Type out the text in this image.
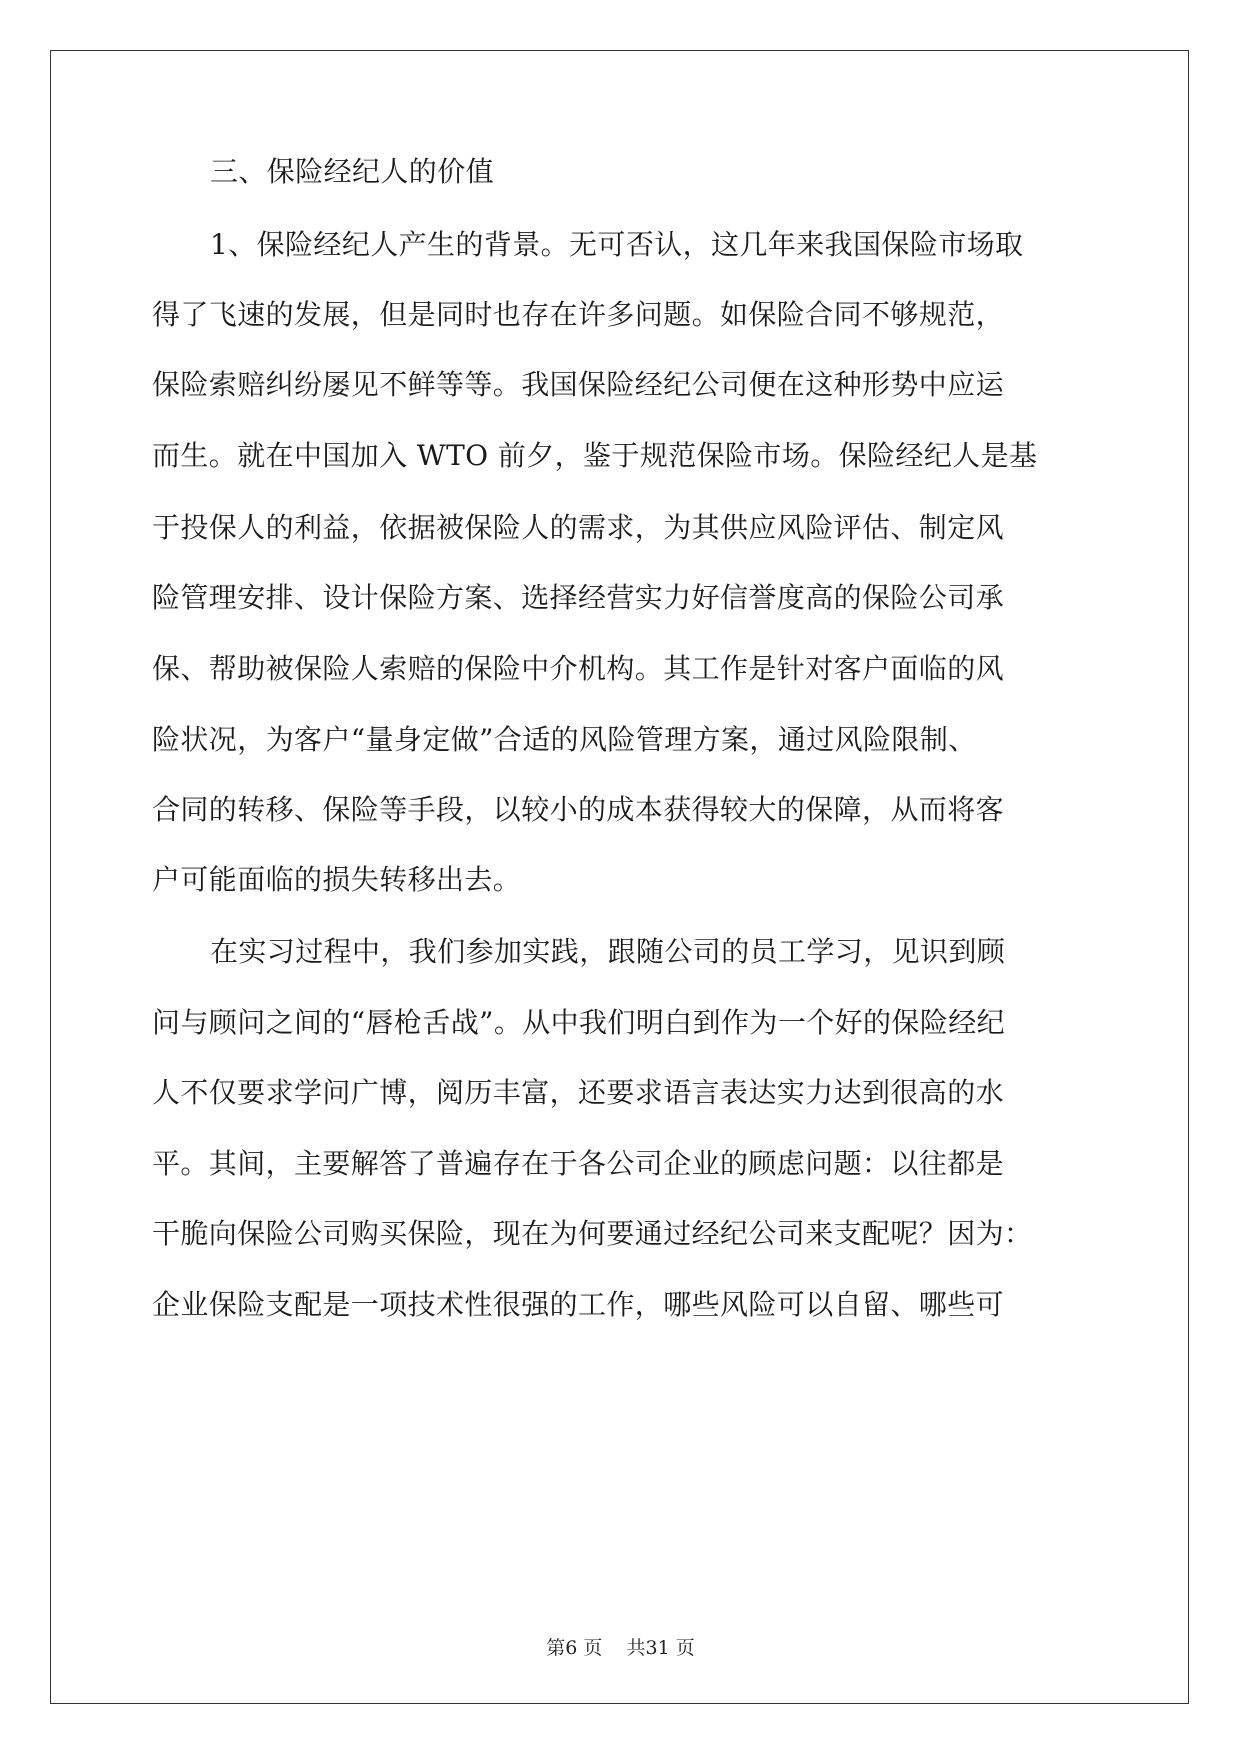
三、保险经纪人的价值
1、保险经纪人产生的背景。无可否认，这几年来我国保险市场取
得了飞速的发展，但是同时也存在许多问题。如保险合同不够规范，
保险索赔纠纷屡见不鲜等等。我国保险经纪公司便在这种形势中应运
而生。就在中国加入 WTO 前夕，鉴于规范保险市场。保险经纪人是基
于投保人的利益，依据被保险人的需求，为其供应风险评估、制定风
险管理安排、设计保险方案、选择经营实力好信誉度高的保险公司承
保、帮助被保险人索赔的保险中介机构。其工作是针对客户面临的风
险状况，为客户“量身定做”合适的风险管理方案，通过风险限制、
合同的转移、保险等手段，以较小的成本获得较大的保障，从而将客
户可能面临的损失转移出去。
在实习过程中，我们参加实践，跟随公司的员工学习，见识到顾
问与顾问之间的“唇枪舌战”。从中我们明白到作为一个好的保险经纪
人不仅要求学问广博，阅历丰富，还要求语言表达实力达到很高的水
平。其间，主要解答了普遍存在于各公司企业的顾虑问题：以往都是
干脆向保险公司购买保险，现在为何要通过经纪公司来支配呢？因为：
企业保险支配是一项技术性很强的工作，哪些风险可以自留、哪些可
第6 页 共31 页
